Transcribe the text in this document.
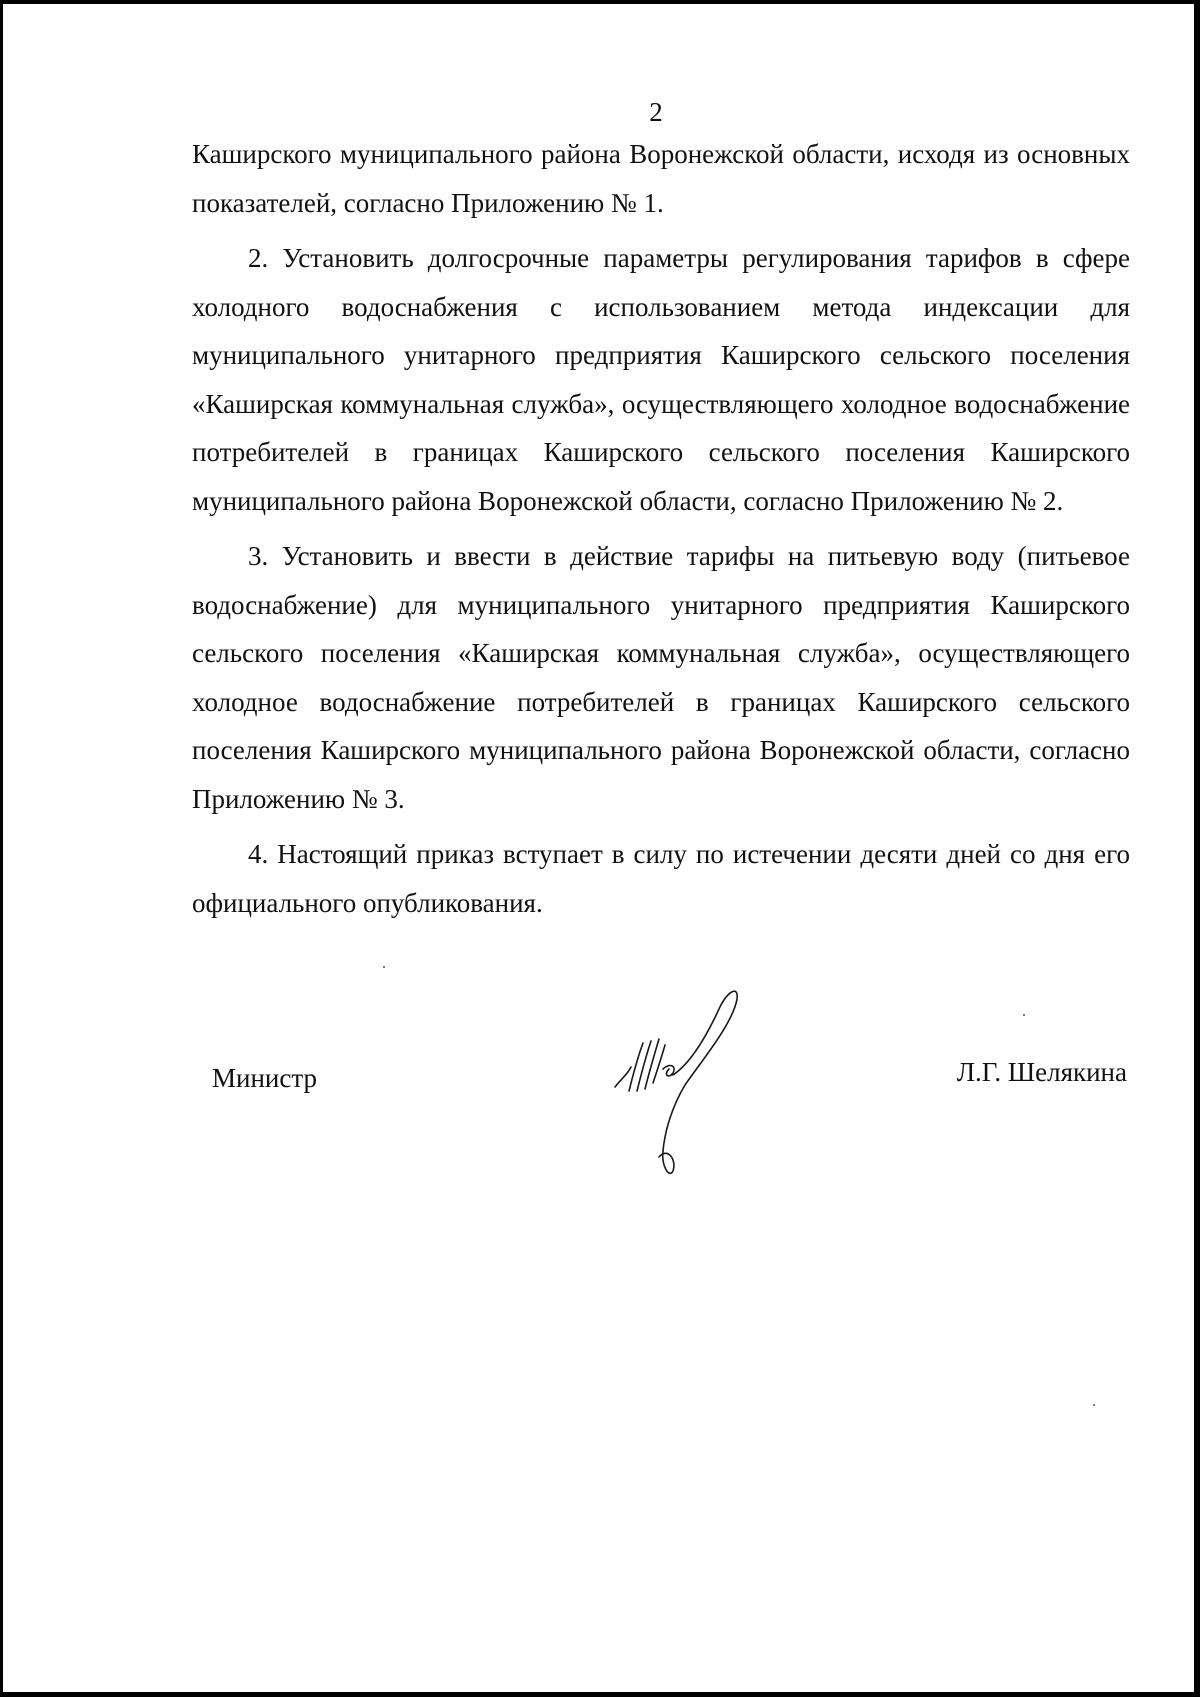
2

Каширского муниципального района Воронежской области, исходя из основных показателей, согласно Приложению № 1.

2. Установить долгосрочные параметры регулирования тарифов в сфере холодного водоснабжения с использованием метода индексации для муниципального унитарного предприятия Каширского сельского поселения «Каширская коммунальная служба», осуществляющего холодное водоснабжение потребителей в границах Каширского сельского поселения Каширского муниципального района Воронежской области, согласно Приложению № 2.

3. Установить и ввести в действие тарифы на питьевую воду (питьевое водоснабжение) для муниципального унитарного предприятия Каширского сельского поселения «Каширская коммунальная служба», осуществляющего холодное водоснабжение потребителей в границах Каширского сельского поселения Каширского муниципального района Воронежской области, согласно Приложению № 3.

4. Настоящий приказ вступает в силу по истечении десяти дней со дня его официального опубликования.

Министр	Л.Г. Шелякина
